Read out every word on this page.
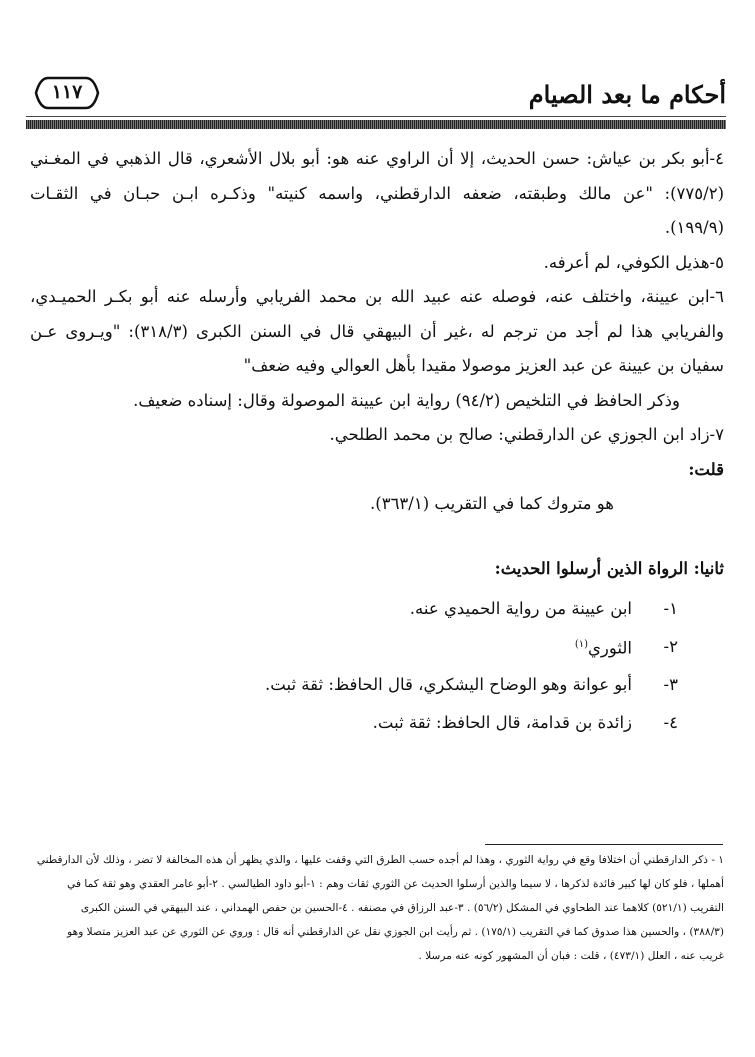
أحكام ما بعد الصيام
١١٧

٤-أبو بكر بن عياش: حسن الحديث، إلا أن الراوي عنه هو: أبو بلال الأشعري، قال الذهبي في المغـني

(٧٧٥/٢): "عن مالك وطبقته، ضعفه الدارقطني، واسمه كنيته" وذكـره ابـن حبـان في الثقـات

(١٩٩/٩).

٥-هذيل الكوفي، لم أعرفه.

٦-ابن عيينة، واختلف عنه، فوصله عنه عبيد الله بن محمد الفريابي وأرسله عنه أبو بكـر الحميـدي،

والفريابي هذا لم أجد من ترجم له ،غير أن البيهقي قال في السنن الكبرى (٣١٨/٣): "ويـروى عـن

سفيان بن عيينة عن عبد العزيز موصولا مقيدا بأهل العوالي وفيه ضعف"

وذكر الحافظ في التلخيص (٩٤/٢) رواية ابن عيينة الموصولة وقال: إسناده ضعيف.

٧-زاد ابن الجوزي عن الدارقطني: صالح بن محمد الطلحي.

قلت:

هو متروك كما في التقريب (٣٦٣/١).

ثانيا: الرواة الذين أرسلوا الحديث:

١-
ابن عيينة من رواية الحميدي عنه.
٢-
الثوري$^{(١)}$
٣-
أبو عوانة وهو الوضاح اليشكري، قال الحافظ: ثقة ثبت.
٤-
زائدة بن قدامة، قال الحافظ: ثقة ثبت.

١ - ذكر الدارقطني أن اختلافا وقع في رواية الثوري ، وهذا لم أجده حسب الطرق التي وقفت عليها ، والذي يظهر أن هذه المخالفة لا تضر ، وذلك لأن الدارقطني

أهملها ، فلو كان لها كبير فائدة لذكرها ، لا سيما والذين أرسلوا الحديث عن الثوري ثقات وهم : ١-أبو داود الطيالسي . ٢-أبو عامر العقدي وهو ثقة كما في

التقريب (٥٢١/١) كلاهما عند الطحاوي في المشكل (٥٦/٢) . ٣-عبد الرزاق في مصنفه . ٤-الحسين بن حفص الهمداني ، عند البيهقي في السنن الكبرى

(٣٨٨/٣) ، والحسين هذا صدوق كما في التقريب (١٧٥/١) . ثم رأيت ابن الجوزي نقل عن الدارقطني أنه قال : وروي عن الثوري عن عبد العزيز متصلا وهو

غريب عنه ، العلل (٤٧٣/١) ، قلت : فبان أن المشهور كونه عنه مرسلا .
